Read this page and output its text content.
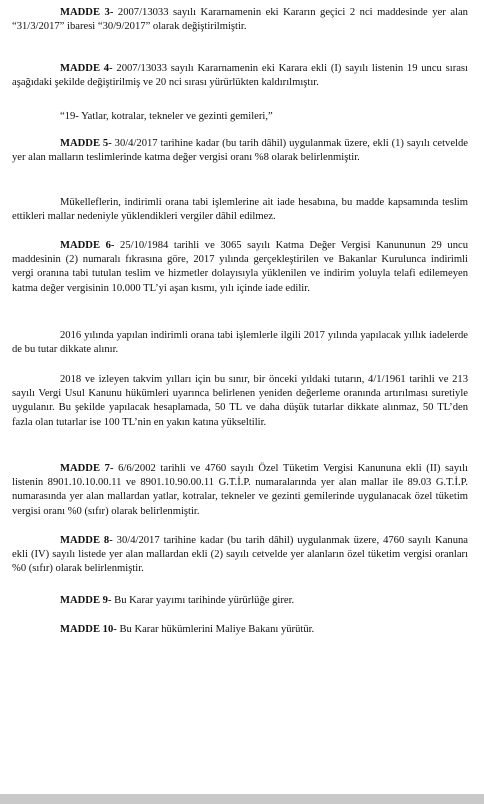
MADDE 3- 2007/13033 sayılı Kararnamenin eki Kararın geçici 2 nci maddesinde yer alan “31/3/2017” ibaresi “30/9/2017” olarak değiştirilmiştir.

MADDE 4- 2007/13033 sayılı Kararnamenin eki Karara ekli (I) sayılı listenin 19 uncu sırası aşağıdaki şekilde değiştirilmiş ve 20 nci sırası yürürlükten kaldırılmıştır.

“19- Yatlar, kotralar, tekneler ve gezinti gemileri,”

MADDE 5- 30/4/2017 tarihine kadar (bu tarih dâhil) uygulanmak üzere, ekli (1) sayılı cetvelde yer alan malların teslimlerinde katma değer vergisi oranı %8 olarak belirlenmiştir.

Mükelleflerin, indirimli orana tabi işlemlerine ait iade hesabına, bu madde kapsamında teslim ettikleri mallar nedeniyle yüklendikleri vergiler dâhil edilmez.

MADDE 6- 25/10/1984 tarihli ve 3065 sayılı Katma Değer Vergisi Kanununun 29 uncu maddesinin (2) numaralı fıkrasına göre, 2017 yılında gerçekleştirilen ve Bakanlar Kurulunca indirimli vergi oranına tabi tutulan teslim ve hizmetler dolayısıyla yüklenilen ve indirim yoluyla telafi edilemeyen katma değer vergisinin 10.000 TL’yi aşan kısmı, yılı içinde iade edilir.

2016 yılında yapılan indirimli orana tabi işlemlerle ilgili 2017 yılında yapılacak yıllık iadelerde de bu tutar dikkate alınır.

2018 ve izleyen takvim yılları için bu sınır, bir önceki yıldaki tutarın, 4/1/1961 tarihli ve 213 sayılı Vergi Usul Kanunu hükümleri uyarınca belirlenen yeniden değerleme oranında artırılması suretiyle uygulanır. Bu şekilde yapılacak hesaplamada, 50 TL ve daha düşük tutarlar dikkate alınmaz, 50 TL’den fazla olan tutarlar ise 100 TL’nin en yakın katına yükseltilir.

MADDE 7- 6/6/2002 tarihli ve 4760 sayılı Özel Tüketim Vergisi Kanununa ekli (II) sayılı listenin 8901.10.10.00.11 ve 8901.10.90.00.11 G.T.İ.P. numaralarında yer alan mallar ile 89.03 G.T.İ.P. numarasında yer alan mallardan yatlar, kotralar, tekneler ve gezinti gemilerinde uygulanacak özel tüketim vergisi oranı %0 (sıfır) olarak belirlenmiştir.

MADDE 8- 30/4/2017 tarihine kadar (bu tarih dâhil) uygulanmak üzere, 4760 sayılı Kanuna ekli (IV) sayılı listede yer alan mallardan ekli (2) sayılı cetvelde yer alanların özel tüketim vergisi oranları %0 (sıfır) olarak belirlenmiştir.

MADDE 9- Bu Karar yayımı tarihinde yürürlüğe girer.

MADDE 10- Bu Karar hükümlerini Maliye Bakanı yürütür.
